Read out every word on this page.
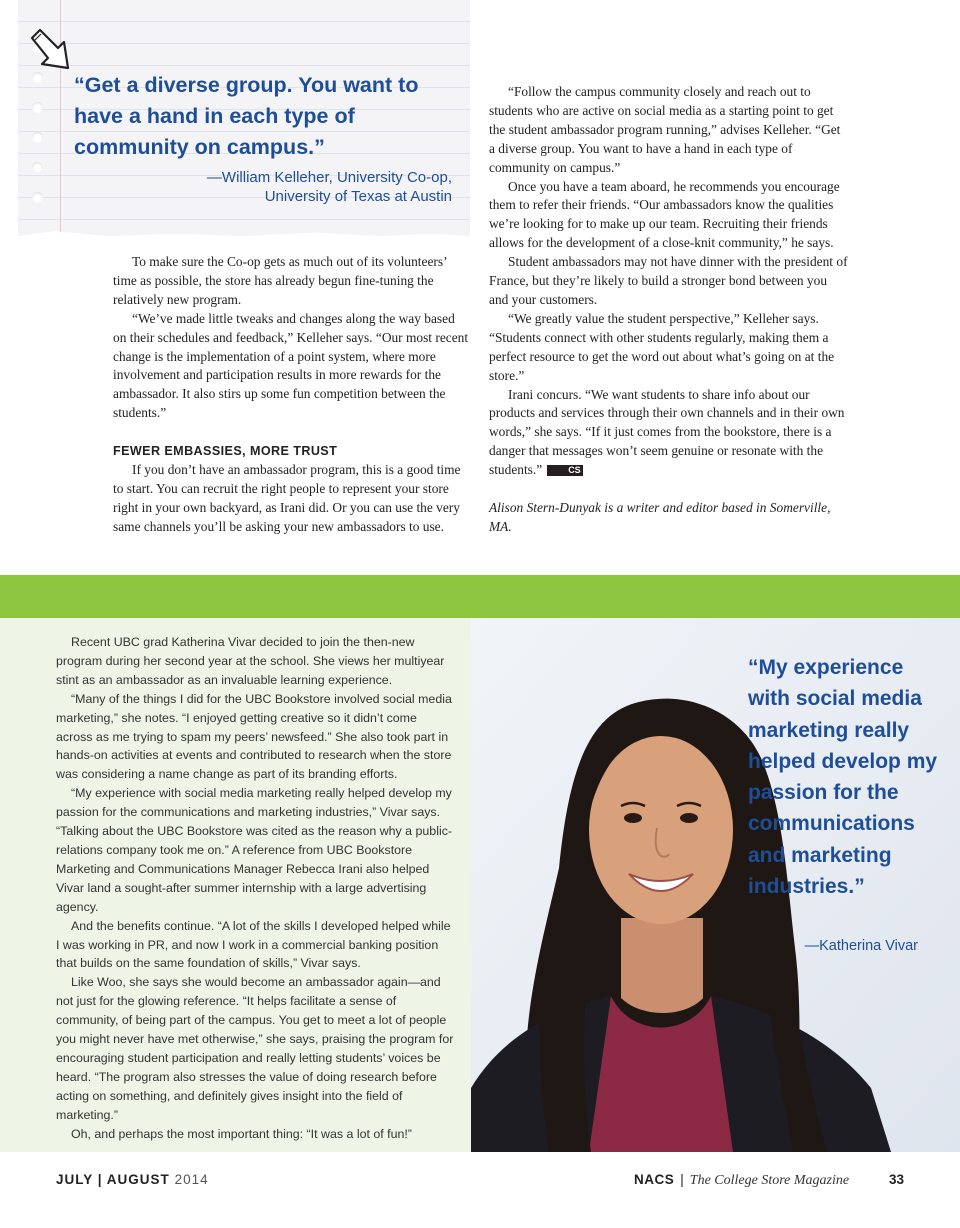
“Get a diverse group. You want to have a hand in each type of community on campus.”
—William Kelleher, University Co-op,
University of Texas at Austin

To make sure the Co-op gets as much out of its volunteers’ time as possible, the store has already begun fine-tuning the relatively new program.

“We’ve made little tweaks and changes along the way based on their schedules and feedback,” Kelleher says. “Our most recent change is the implementation of a point system, where more involvement and participation results in more rewards for the ambassador. It also stirs up some fun competition between the students.”

FEWER EMBASSIES, MORE TRUST

If you don’t have an ambassador program, this is a good time to start. You can recruit the right people to represent your store right in your own backyard, as Irani did. Or you can use the very same channels you’ll be asking your new ambassadors to use.

“Follow the campus community closely and reach out to students who are active on social media as a starting point to get the student ambassador program running,” advises Kelleher. “Get a diverse group. You want to have a hand in each type of community on campus.”

Once you have a team aboard, he recommends you encourage them to refer their friends. “Our ambassadors know the qualities we’re looking for to make up our team. Recruiting their friends allows for the development of a close-knit community,” he says.

Student ambassadors may not have dinner with the president of France, but they’re likely to build a stronger bond between you and your customers.

“We greatly value the student perspective,” Kelleher says. “Students connect with other students regularly, making them a perfect resource to get the word out about what’s going on at the store.”

Irani concurs. “We want students to share info about our products and services through their own channels and in their own words,” she says. “If it just comes from the bookstore, there is a danger that messages won’t seem genuine or resonate with the students.”	CS

Alison Stern-Dunyak is a writer and editor based in Somerville, MA.

Recent UBC grad Katherina Vivar decided to join the then-new program during her second year at the school. She views her multiyear stint as an ambassador as an invaluable learning experience.

“Many of the things I did for the UBC Bookstore involved social media marketing,” she notes. “I enjoyed getting creative so it didn’t come across as me trying to spam my peers’ newsfeed.” She also took part in hands-on activities at events and contributed to research when the store was considering a name change as part of its branding efforts.

“My experience with social media marketing really helped develop my passion for the communications and marketing industries,” Vivar says. “Talking about the UBC Bookstore was cited as the reason why a public-relations company took me on.” A reference from UBC Bookstore Marketing and Communications Manager Rebecca Irani also helped Vivar land a sought-after summer internship with a large advertising agency.

And the benefits continue. “A lot of the skills I developed helped while I was working in PR, and now I work in a commercial banking position that builds on the same foundation of skills,” Vivar says.

Like Woo, she says she would become an ambassador again—and not just for the glowing reference. “It helps facilitate a sense of community, of being part of the campus. You get to meet a lot of people you might never have met otherwise,” she says, praising the program for encouraging student participation and really letting students’ voices be heard. “The program also stresses the value of doing research before acting on something, and definitely gives insight into the field of marketing.”

Oh, and perhaps the most important thing: “It was a lot of fun!”

“My experience with social media marketing really helped develop my passion for the communications and marketing industries.”
—Katherina Vivar
JULY | AUGUST 2014	NACS | The College Store Magazine	33
